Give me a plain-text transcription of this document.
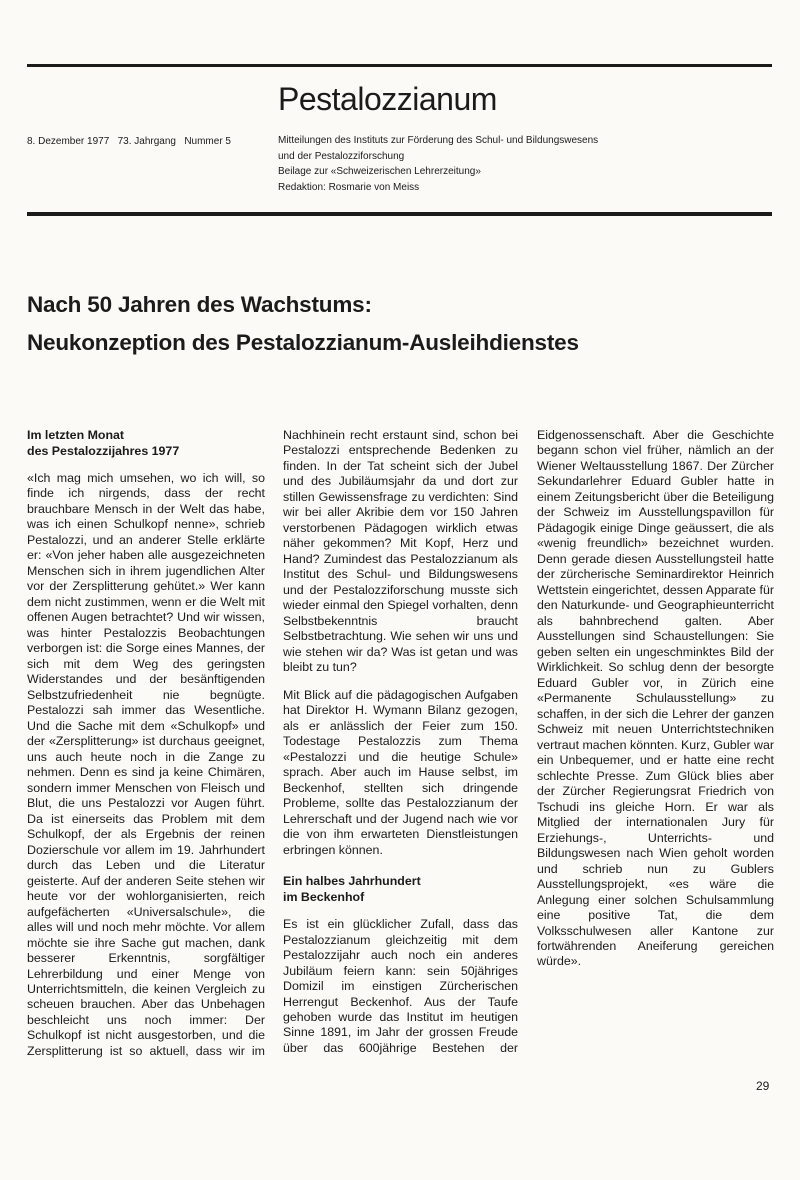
Pestalozzianum
8. Dezember 1977   73. Jahrgang   Nummer 5	Mitteilungen des Instituts zur Förderung des Schul- und Bildungswesens
und der Pestalozziforschung
Beilage zur «Schweizerischen Lehrerzeitung»
Redaktion: Rosmarie von Meiss
Nach 50 Jahren des Wachstums:
Neukonzeption des Pestalozzianum-Ausleihdienstes
Im letzten Monat
des Pestalozzijahres 1977

«Ich mag mich umsehen, wo ich will, so finde ich nirgends, dass der recht brauchbare Mensch in der Welt das habe, was ich einen Schulkopf nenne», schrieb Pestalozzi, und an anderer Stelle erklärte er: «Von jeher haben alle ausgezeichneten Menschen sich in ihrem jugendlichen Alter vor der Zersplitterung gehütet.» Wer kann dem nicht zustimmen, wenn er die Welt mit offenen Augen betrachtet? Und wir wissen, was hinter Pestalozzis Beobachtungen verborgen ist: die Sorge eines Mannes, der sich mit dem Weg des geringsten Widerstandes und der besänftigenden Selbstzufriedenheit nie begnügte. Pestalozzi sah immer das Wesentliche. Und die Sache mit dem «Schulkopf» und der «Zersplitterung» ist durchaus geeignet, uns auch heute noch in die Zange zu nehmen. Denn es sind ja keine Chimären, sondern immer Menschen von Fleisch und Blut, die uns Pestalozzi vor Augen führt. Da ist einerseits das Problem mit dem Schulkopf, der als Ergebnis der reinen Dozierschule vor allem im 19. Jahrhundert durch das Leben und die Literatur geisterte. Auf der anderen Seite stehen wir heute vor der wohlorganisierten, reich aufgefächerten «Universalschule», die alles will und noch mehr möchte. Vor allem möchte sie ihre Sache gut machen, dank besserer Erkenntnis, sorgfältiger Lehrerbildung und einer Menge von Unterrichtsmitteln, die keinen Vergleich zu scheuen brauchen. Aber das Unbehagen beschleicht uns noch immer: Der Schulkopf ist nicht ausgestorben, und die Zersplitterung ist so aktuell, dass wir im

Nachhinein recht erstaunt sind, schon bei Pestalozzi entsprechende Bedenken zu finden. In der Tat scheint sich der Jubel und des Jubiläumsjahr da und dort zur stillen Gewissensfrage zu verdichten: Sind wir bei aller Akribie dem vor 150 Jahren verstorbenen Pädagogen wirklich etwas näher gekommen? Mit Kopf, Herz und Hand? Zumindest das Pestalozzianum als Institut des Schul- und Bildungswesens und der Pestalozziforschung musste sich wieder einmal den Spiegel vorhalten, denn Selbstbekenntnis braucht Selbstbetrachtung. Wie sehen wir uns und wie stehen wir da? Was ist getan und was bleibt zu tun?

Mit Blick auf die pädagogischen Aufgaben hat Direktor H. Wymann Bilanz gezogen, als er anlässlich der Feier zum 150. Todestage Pestalozzis zum Thema «Pestalozzi und die heutige Schule» sprach. Aber auch im Hause selbst, im Beckenhof, stellten sich dringende Probleme, sollte das Pestalozzianum der Lehrerschaft und der Jugend nach wie vor die von ihm erwarteten Dienstleistungen erbringen können.

Ein halbes Jahrhundert
im Beckenhof

Es ist ein glücklicher Zufall, dass das Pestalozzianum gleichzeitig mit dem Pestalozzijahr auch noch ein anderes Jubiläum feiern kann: sein 50jähriges Domizil im einstigen Zürcherischen Herrengut Beckenhof. Aus der Taufe gehoben wurde das Institut im heutigen Sinne 1891, im Jahr der grossen Freude über das 600jährige Bestehen der

Eidgenossenschaft. Aber die Geschichte begann schon viel früher, nämlich an der Wiener Weltausstellung 1867. Der Zürcher Sekundarlehrer Eduard Gubler hatte in einem Zeitungsbericht über die Beteiligung der Schweiz im Ausstellungspavillon für Pädagogik einige Dinge geäussert, die als «wenig freundlich» bezeichnet wurden. Denn gerade diesen Ausstellungsteil hatte der zürcherische Seminardirektor Heinrich Wettstein eingerichtet, dessen Apparate für den Naturkunde- und Geographieunterricht als bahnbrechend galten. Aber Ausstellungen sind Schaustellungen: Sie geben selten ein ungeschminktes Bild der Wirklichkeit. So schlug denn der besorgte Eduard Gubler vor, in Zürich eine «Permanente Schulausstellung» zu schaffen, in der sich die Lehrer der ganzen Schweiz mit neuen Unterrichtstechniken vertraut machen könnten. Kurz, Gubler war ein Unbequemer, und er hatte eine recht schlechte Presse. Zum Glück blies aber der Zürcher Regierungsrat Friedrich von Tschudi ins gleiche Horn. Er war als Mitglied der internationalen Jury für Erziehungs-, Unterrichts- und Bildungswesen nach Wien geholt worden und schrieb nun zu Gublers Ausstellungsprojekt, «es wäre die Anlegung einer solchen Schulsammlung eine positive Tat, die dem Volksschulwesen aller Kantone zur fortwährenden Aneiferung gereichen würde».

29
